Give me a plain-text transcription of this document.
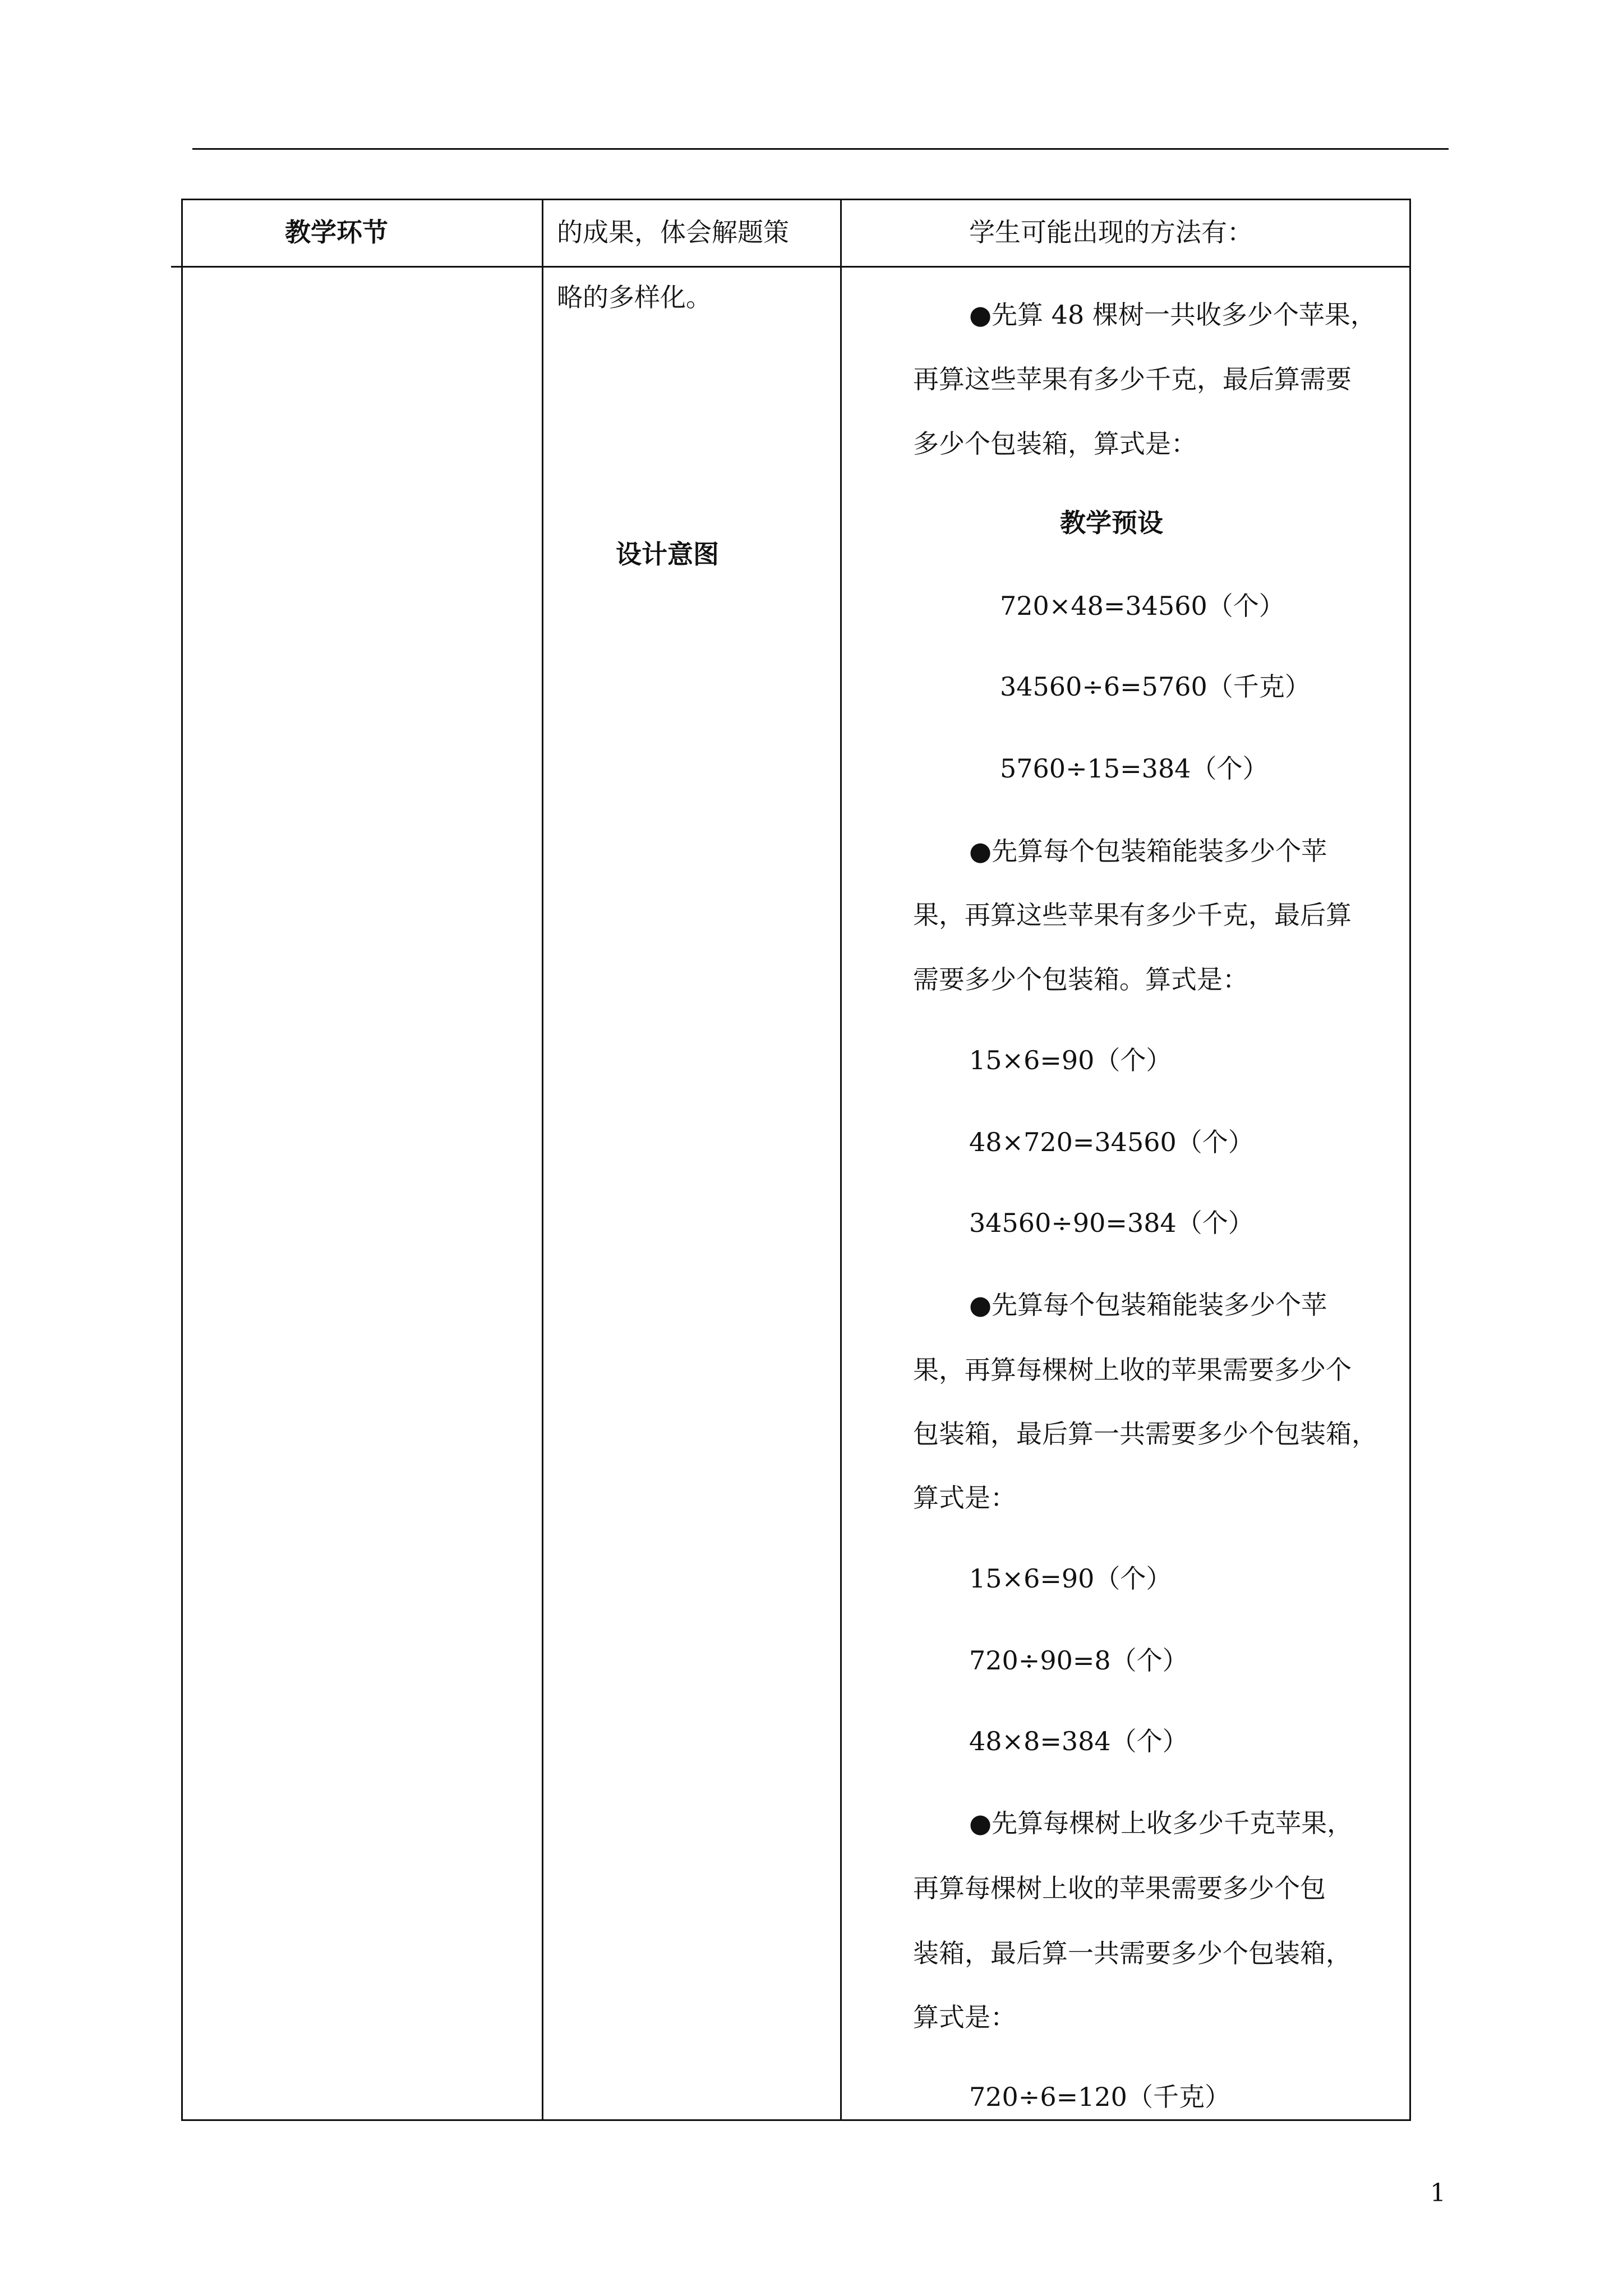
教学环节	的成果，体会解题策	学生可能出现的方法有：
略的多样化。
设计意图
教学预设
●先算 48 棵树一共收多少个苹果，
再算这些苹果有多少千克，最后算需要
多少个包装箱，算式是：
720×48=34560（个）
34560÷6=5760（千克）
5760÷15=384（个）
●先算每个包装箱能装多少个苹
果，再算这些苹果有多少千克，最后算
需要多少个包装箱。算式是：
15×6=90（个）
48×720=34560（个）
34560÷90=384（个）
●先算每个包装箱能装多少个苹
果，再算每棵树上收的苹果需要多少个
包装箱，最后算一共需要多少个包装箱，
算式是：
15×6=90（个）
720÷90=8（个）
48×8=384（个）
●先算每棵树上收多少千克苹果，
再算每棵树上收的苹果需要多少个包
装箱，最后算一共需要多少个包装箱，
算式是：
720÷6=120（千克）
1
